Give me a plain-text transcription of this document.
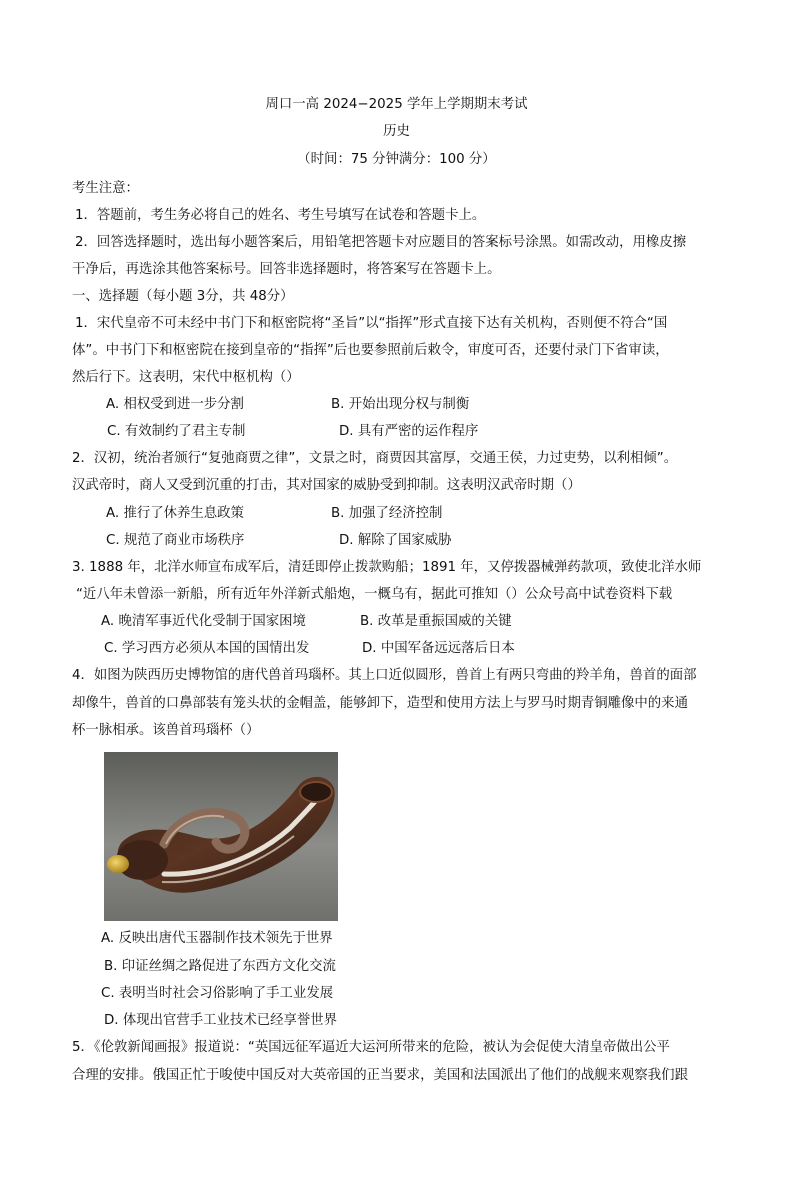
周口一高 2024−2025 学年上学期期末考试
历史
（时间：75 分钟满分：100 分）
考生注意：
1．答题前，考生务必将自己的姓名、考生号填写在试卷和答题卡上。
2．回答选择题时，选出每小题答案后，用铅笔把答题卡对应题目的答案标号涂黑。如需改动，用橡皮擦
干净后，再选涂其他答案标号。回答非选择题时，将答案写在答题卡上。
一、选择题（每小题 3分，共 48分）
1．宋代皇帝不可未经中书门下和枢密院将“圣旨”以“指挥”形式直接下达有关机构，否则便不符合“国
体”。中书门下和枢密院在接到皇帝的“指挥”后也要参照前后敕令，审度可否，还要付录门下省审读，
然后行下。这表明，宋代中枢机构（）
A. 相权受到进一步分割	B. 开始出现分权与制衡
C. 有效制约了君主专制	D. 具有严密的运作程序
2．汉初，统治者颁行“复弛商贾之律”，文景之时，商贾因其富厚，交通王侯，力过吏势，以利相倾”。
汉武帝时，商人又受到沉重的打击，其对国家的威胁受到抑制。这表明汉武帝时期（）
A. 推行了休养生息政策	B. 加强了经济控制
C. 规范了商业市场秩序	D. 解除了国家威胁
3. 1888 年，北洋水师宣布成军后，清廷即停止拨款购船；1891 年，又停拨器械弹药款项，致使北洋水师
“近八年未曾添一新船，所有近年外洋新式船炮，一概乌有，据此可推知（）公众号高中试卷资料下载
A. 晚清军事近代化受制于国家困境	B. 改革是重振国威的关键
C. 学习西方必须从本国的国情出发	D. 中国军备远远落后日本
4．如图为陕西历史博物馆的唐代兽首玛瑙杯。其上口近似圆形，兽首上有两只弯曲的羚羊角，兽首的面部
却像牛，兽首的口鼻部装有笼头状的金帽盖，能够卸下，造型和使用方法上与罗马时期青铜雕像中的来通
杯一脉相承。该兽首玛瑙杯（）
A. 反映出唐代玉器制作技术领先于世界
B. 印证丝绸之路促进了东西方文化交流
C. 表明当时社会习俗影响了手工业发展
D. 体现出官营手工业技术已经享誉世界
5．《伦敦新闻画报》报道说：“英国远征军逼近大运河所带来的危险，被认为会促使大清皇帝做出公平
合理的安排。俄国正忙于唆使中国反对大英帝国的正当要求，美国和法国派出了他们的战舰来观察我们跟
